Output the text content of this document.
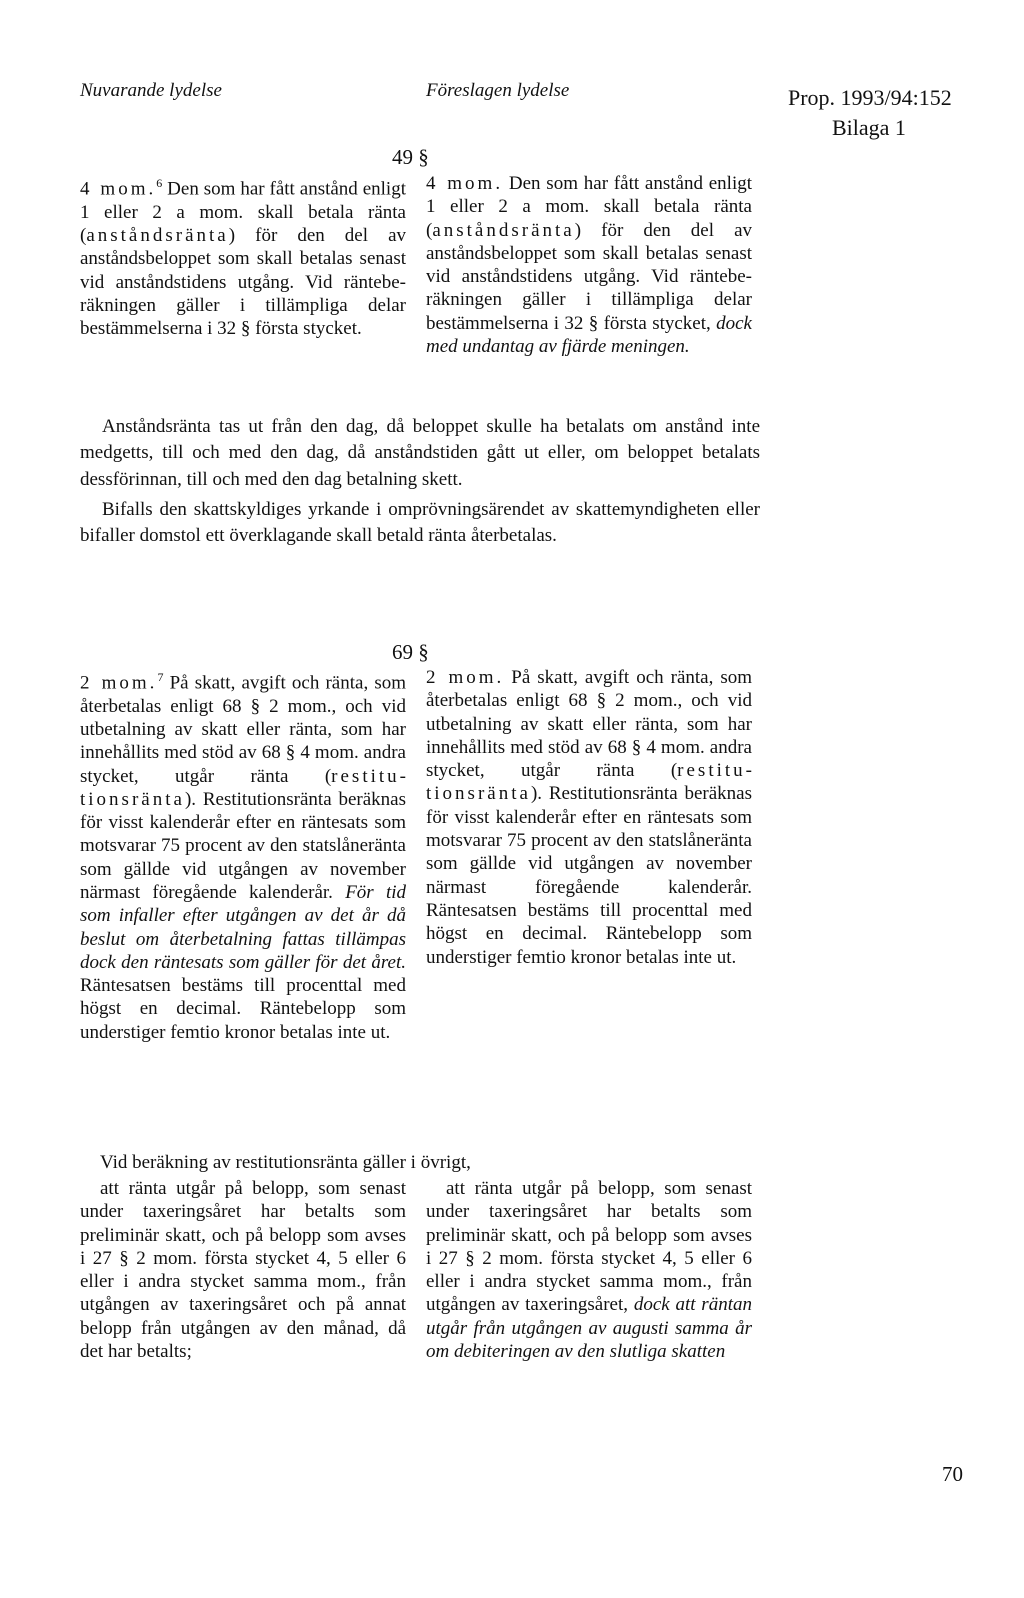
Nuvarande lydelse	Föreslagen lydelse	Prop. 1993/94:152
Bilaga 1
49 §

4 mom.$^6$ Den som har fått anstånd enligt 1 eller 2 a mom. skall betala ränta (anståndsränta) för den del av anståndsbeloppet som skall betalas senast vid anståndstidens utgång. Vid ränteberäkningen gäller i tillämpliga delar bestämmelserna i 32 § första stycket.

4 mom. Den som har fått anstånd enligt 1 eller 2 a mom. skall betala ränta (anståndsränta) för den del av anståndsbeloppet som skall betalas senast vid anståndstidens utgång. Vid ränteberäkningen gäller i tillämpliga delar bestämmelserna i 32 § första stycket, dock med undantag av fjärde meningen.

Anståndsränta tas ut från den dag, då beloppet skulle ha betalats om anstånd inte medgetts, till och med den dag, då anståndstiden gått ut eller, om beloppet betalats dessförinnan, till och med den dag betalning skett.

Bifalls den skattskyldiges yrkande i omprövningsärendet av skattemyndigheten eller bifaller domstol ett överklagande skall betald ränta återbetalas.

69 §

2 mom.$^7$ På skatt, avgift och ränta, som återbetalas enligt 68 § 2 mom., och vid utbetalning av skatt eller ränta, som har innehållits med stöd av 68 § 4 mom. andra stycket, utgår ränta (restitutionsränta). Restitutionsränta beräknas för visst kalenderår efter en räntesats som motsvarar 75 procent av den statslåneränta som gällde vid utgången av november närmast föregående kalenderår. För tid som infaller efter utgången av det år då beslut om återbetalning fattas tillämpas dock den räntesats som gäller för det året. Räntesatsen bestäms till procenttal med högst en decimal. Räntebelopp som understiger femtio kronor betalas inte ut.

2 mom. På skatt, avgift och ränta, som återbetalas enligt 68 § 2 mom., och vid utbetalning av skatt eller ränta, som har innehållits med stöd av 68 § 4 mom. andra stycket, utgår ränta (restitutionsränta). Restitutionsränta beräknas för visst kalenderår efter en räntesats som motsvarar 75 procent av den statslåneränta som gällde vid utgången av november närmast föregående kalenderår. Räntesatsen bestäms till procenttal med högst en decimal. Räntebelopp som understiger femtio kronor betalas inte ut.

Vid beräkning av restitutionsränta gäller i övrigt,

att ränta utgår på belopp, som senast under taxeringsåret har betalts som preliminär skatt, och på belopp som avses i 27 § 2 mom. första stycket 4, 5 eller 6 eller i andra stycket samma mom., från utgången av taxeringsåret och på annat belopp från utgången av den månad, då det har betalts;

att ränta utgår på belopp, som senast under taxeringsåret har betalts som preliminär skatt, och på belopp som avses i 27 § 2 mom. första stycket 4, 5 eller 6 eller i andra stycket samma mom., från utgången av taxeringsåret, dock att räntan utgår från utgången av augusti samma år om debiteringen av den slutliga skatten

70
